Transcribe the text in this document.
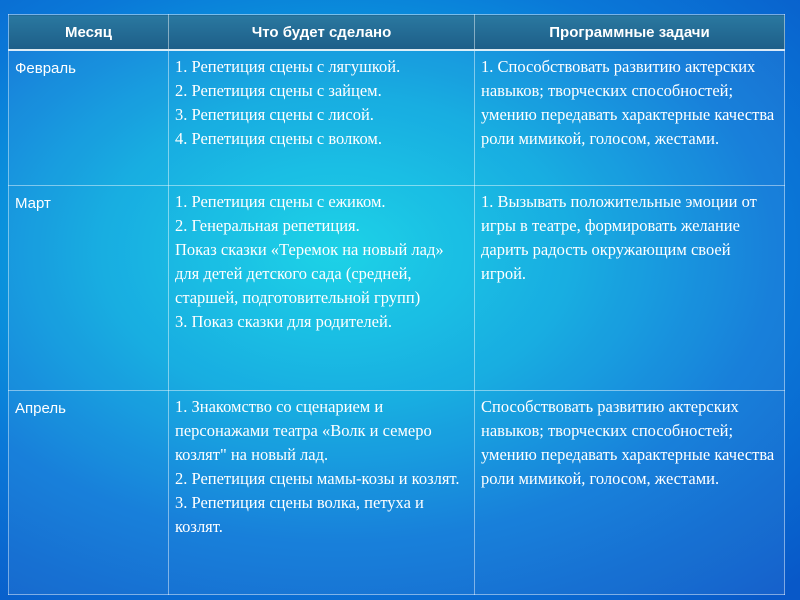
Месяц	Что будет сделано	Программные задачи
Февраль	1. Репетиция сцены с лягушкой.
2. Репетиция сцены с зайцем.
3. Репетиция сцены с лисой.
4. Репетиция сцены с волком.	1. Способствовать развитию актерских навыков; творческих способностей; умению передавать характерные качества роли мимикой, голосом, жестами.
Март	1. Репетиция сцены с ежиком.
2. Генеральная репетиция.
Показ сказки «Теремок на новый лад» для детей детского сада (средней, старшей, подготовительной групп)
3. Показ сказки для родителей.	1. Вызывать положительные эмоции от игры в театре, формировать желание дарить радость окружающим своей игрой.
Апрель	1. Знакомство со сценарием и персонажами театра «Волк и семеро козлят" на новый лад.
2. Репетиция сцены мамы-козы и козлят.
3. Репетиция сцены волка, петуха и козлят.	Способствовать развитию актерских навыков; творческих способностей; умению передавать характерные качества роли мимикой, голосом, жестами.
